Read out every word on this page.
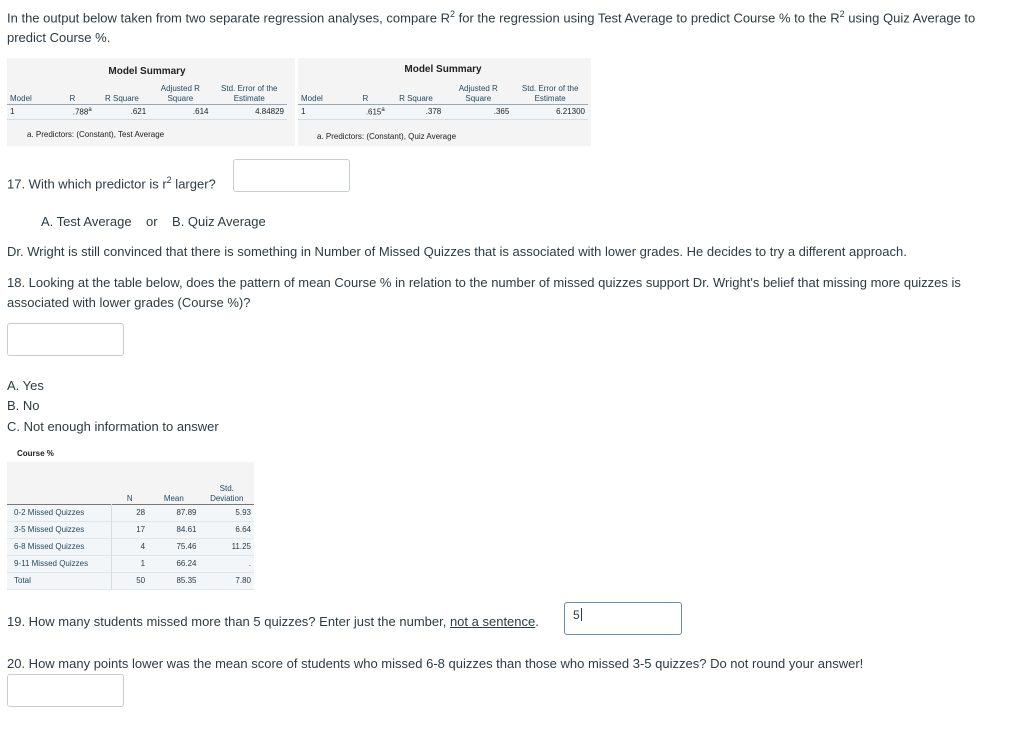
In the output below taken from two separate regression analyses, compare $R^2$ for the regression using Test Average to predict Course % to the $R^2$ using Quiz Average to predict Course %.
Model Summary
Model	R	R Square	Adjusted R Square	Std. Error of the Estimate
1	.788$^a$	.621	.614	4.84829
a. Predictors: (Constant), Test Average
Model Summary
Model	R	R Square	Adjusted R Square	Std. Error of the Estimate
1	.615$^a$	.378	.365	6.21300
a. Predictors: (Constant), Quiz Average
17. With which predictor is $r^2$ larger?
A. Test Average    or    B. Quiz Average
Dr. Wright is still convinced that there is something in Number of Missed Quizzes that is associated with lower grades. He decides to try a different approach.
18. Looking at the table below, does the pattern of mean Course % in relation to the number of missed quizzes support Dr. Wright's belief that missing more quizzes is associated with lower grades (Course %)?
A. Yes
B. No
C. Not enough information to answer
Course %
	N	Mean	Std. Deviation
0-2 Missed Quizzes	28	87.89	5.93
3-5 Missed Quizzes	17	84.61	6.64
6-8 Missed Quizzes	4	75.46	11.25
9-11 Missed Quizzes	1	66.24	.
Total	50	85.35	7.80
19. How many students missed more than 5 quizzes? Enter just the number, not a sentence.	5
20. How many points lower was the mean score of students who missed 6-8 quizzes than those who missed 3-5 quizzes? Do not round your answer!
